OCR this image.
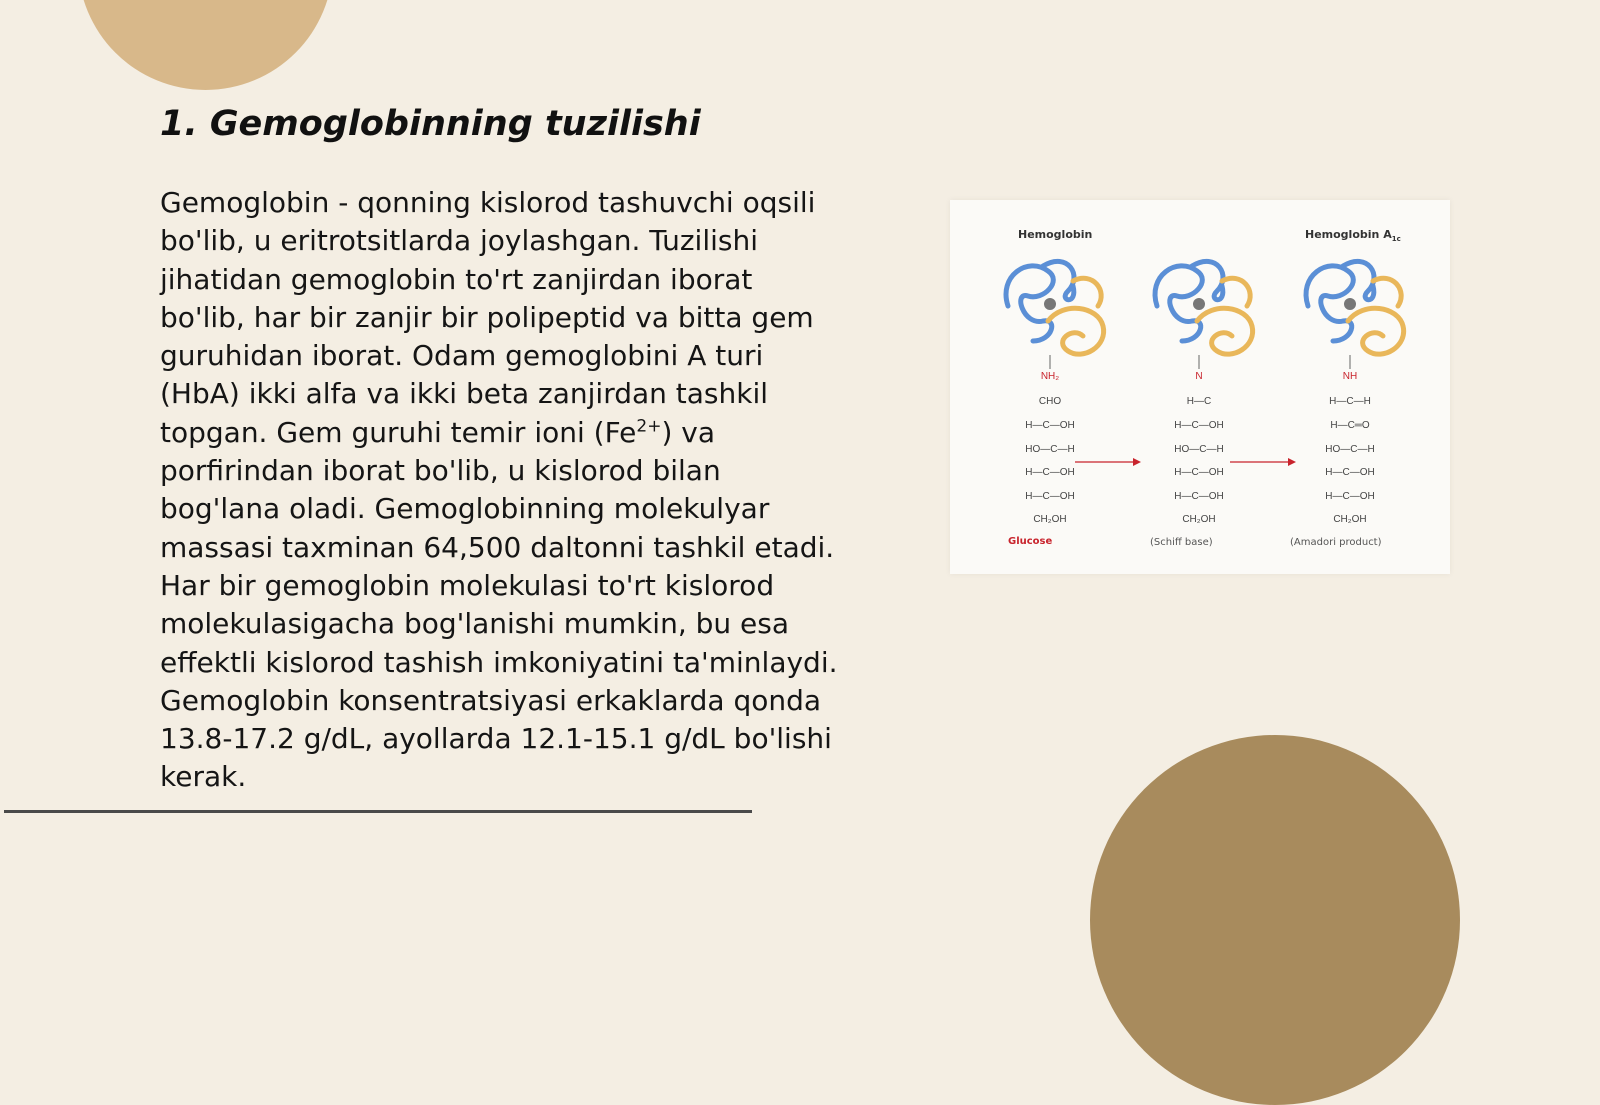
1. Gemoglobinning tuzilishi

Gemoglobin - qonning kislorod tashuvchi oqsili bo'lib, u eritrotsitlarda joylashgan. Tuzilishi jihatidan gemoglobin to'rt zanjirdan iborat bo'lib, har bir zanjir bir polipeptid va bitta gem guruhidan iborat. Odam gemoglobini A turi (HbA) ikki alfa va ikki beta zanjirdan tashkil topgan. Gem guruhi temir ioni $(Fe^{2+})$ va porfirindan iborat bo'lib, u kislorod bilan bog'lana oladi. Gemoglobinning molekulyar massasi taxminan 64,500 daltonni tashkil etadi. Har bir gemoglobin molekulasi to'rt kislorod molekulasigacha bog'lanishi mumkin, bu esa effektli kislorod tashish imkoniyatini ta'minlaydi. Gemoglobin konsentratsiyasi erkaklarda qonda 13.8-17.2 g/dL, ayollarda 12.1-15.1 g/dL bo'lishi kerak.

Hemoglobin	Hemoglobin $A_{1c}$
NH₂
CHO
H—C—OH
HO—C—H
H—C—OH
H—C—OH
CH₂OH
N
H—C
H—C—OH
HO—C—H
H—C—OH
H—C—OH
CH₂OH
NH
H—C—H
H—C═O
HO—C—H
H—C—OH
H—C—OH
CH₂OH
Glucose	(Schiff base)	(Amadori product)
